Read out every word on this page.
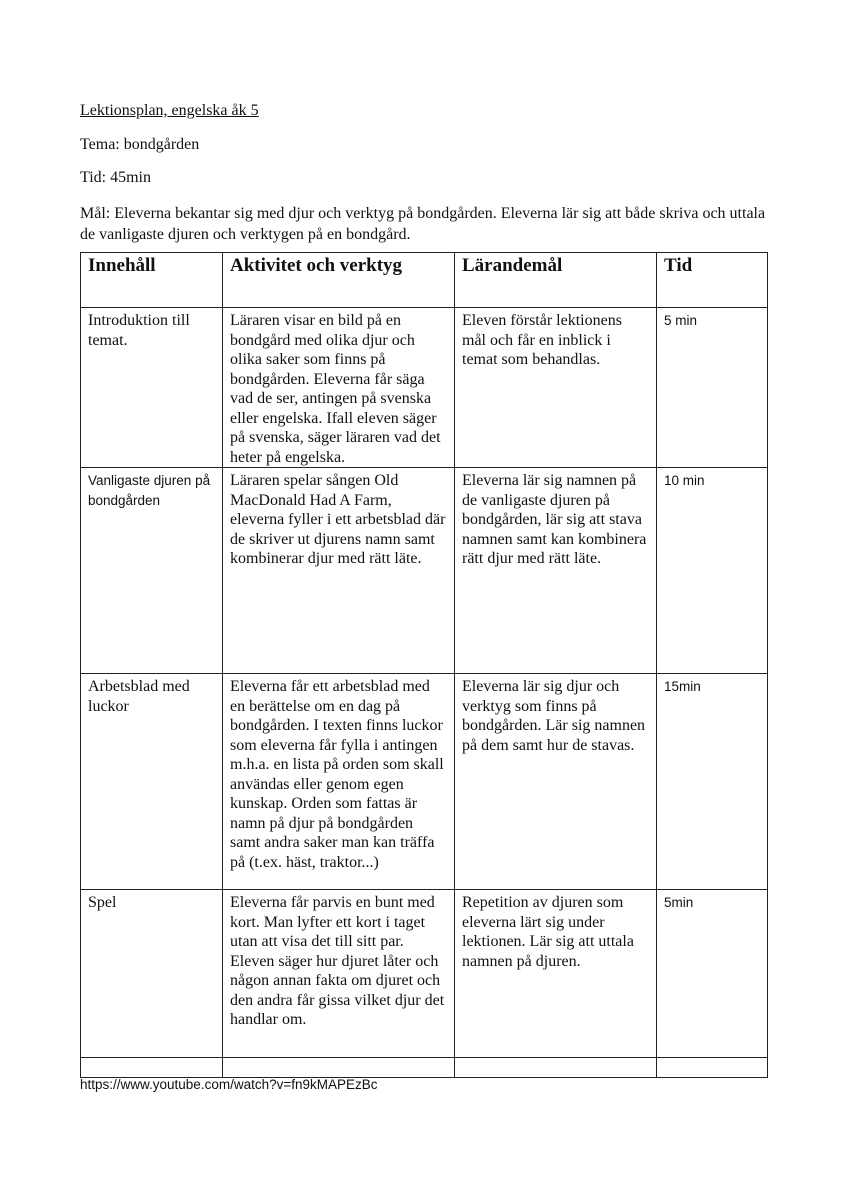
Lektionsplan, engelska åk 5
Tema: bondgården
Tid: 45min
Mål: Eleverna bekantar sig med djur och verktyg på bondgården. Eleverna lär sig att både skriva och uttala de vanligaste djuren och verktygen på en bondgård.
Innehåll	Aktivitet och verktyg	Lärandemål	Tid
Introduktion till temat.	Läraren visar en bild på en bondgård med olika djur och olika saker som finns på bondgården. Eleverna får säga vad de ser, antingen på svenska eller engelska. Ifall eleven säger på svenska, säger läraren vad det heter på engelska.	Eleven förstår lektionens mål och får en inblick i temat som behandlas.	5 min
Vanligaste djuren på bondgården	Läraren spelar sången Old MacDonald Had A Farm, eleverna fyller i ett arbetsblad där de skriver ut djurens namn samt kombinerar djur med rätt läte.	Eleverna lär sig namnen på de vanligaste djuren på bondgården, lär sig att stava namnen samt kan kombinera rätt djur med rätt läte.	10 min
Arbetsblad med luckor	Eleverna får ett arbetsblad med en berättelse om en dag på bondgården. I texten finns luckor som eleverna får fylla i antingen m.h.a. en lista på orden som skall användas eller genom egen kunskap. Orden som fattas är namn på djur på bondgården samt andra saker man kan träffa på (t.ex. häst, traktor...)	Eleverna lär sig djur och verktyg som finns på bondgården. Lär sig namnen på dem samt hur de stavas.	15min
Spel	Eleverna får parvis en bunt med kort. Man lyfter ett kort i taget utan att visa det till sitt par. Eleven säger hur djuret låter och någon annan fakta om djuret och den andra får gissa vilket djur det handlar om.	Repetition av djuren som eleverna lärt sig under lektionen. Lär sig att uttala namnen på djuren.	5min

https://www.youtube.com/watch?v=fn9kMAPEzBc
